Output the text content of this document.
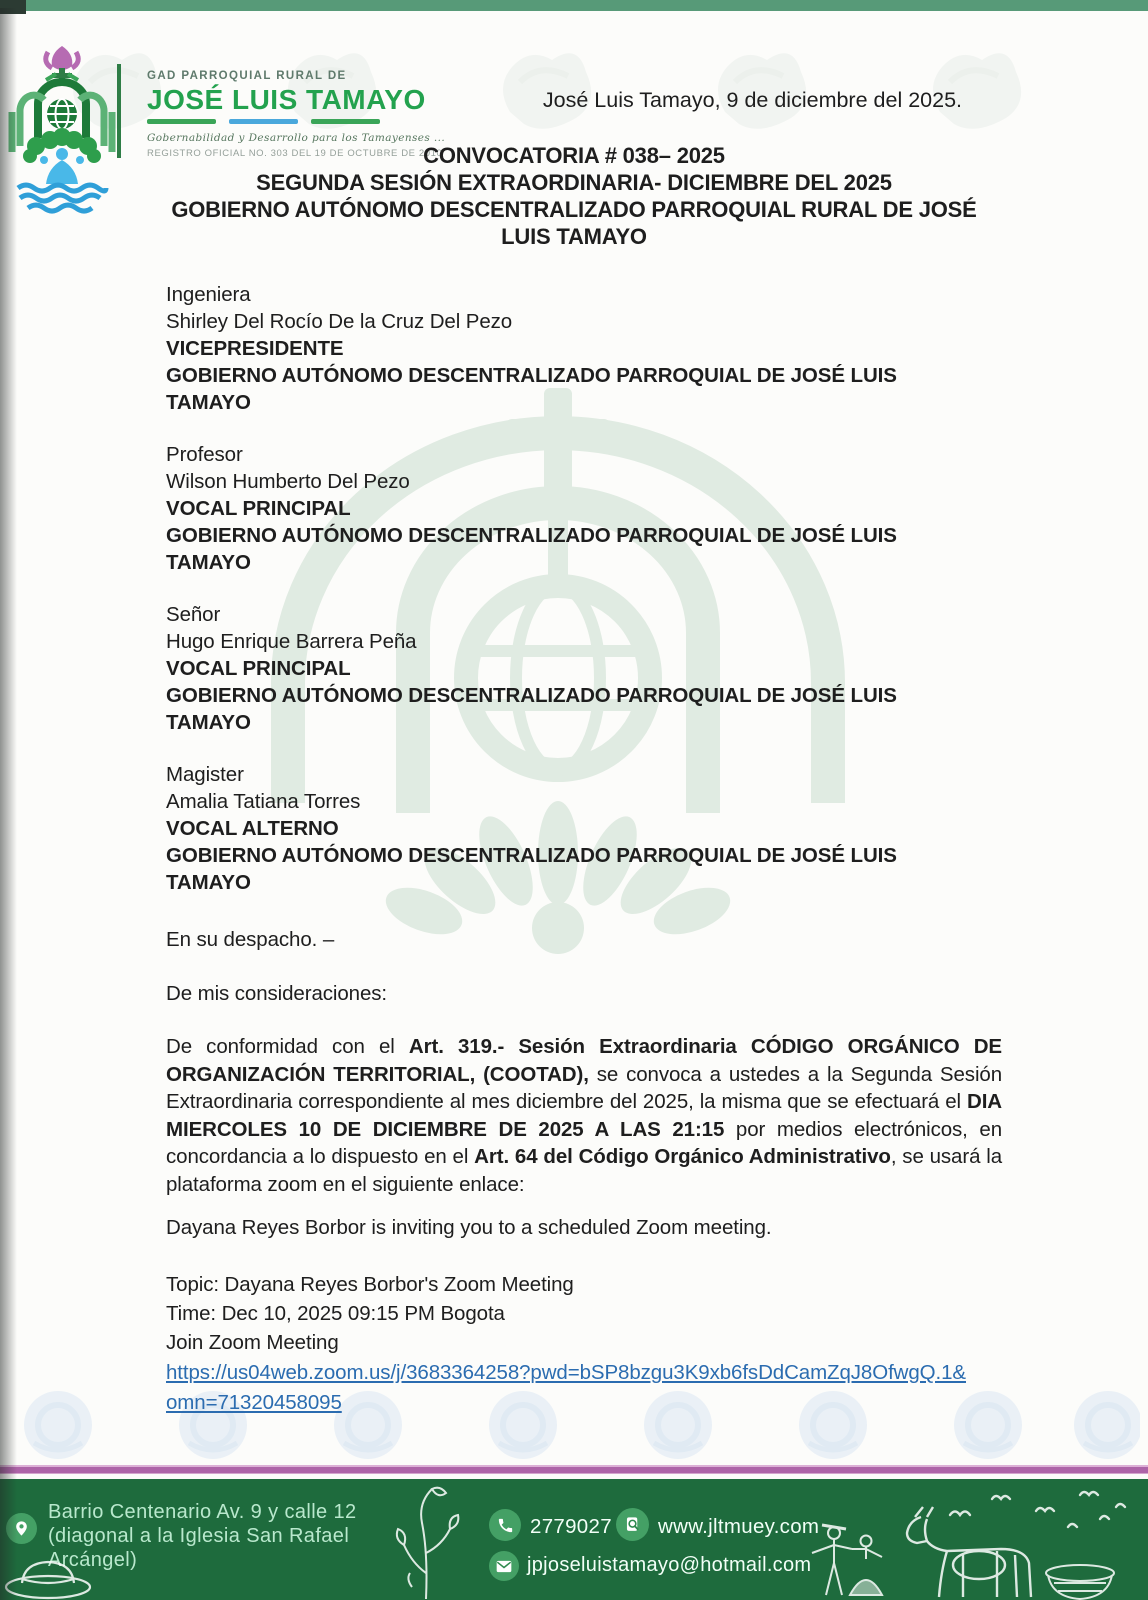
GAD PARROQUIAL RURAL DE
JOSÉ LUIS TAMAYO
Gobernabilidad y Desarrollo para los Tamayenses ...
REGISTRO OFICIAL NO. 303 DEL 19 DE OCTUBRE DE 2010
José Luis Tamayo, 9 de diciembre del 2025.
CONVOCATORIA # 038– 2025
SEGUNDA SESIÓN EXTRAORDINARIA- DICIEMBRE DEL 2025
GOBIERNO AUTÓNOMO DESCENTRALIZADO PARROQUIAL RURAL DE JOSÉ LUIS TAMAYO
Ingeniera
Shirley Del Rocío De la Cruz Del Pezo
VICEPRESIDENTE
GOBIERNO AUTÓNOMO DESCENTRALIZADO PARROQUIAL DE JOSÉ LUIS TAMAYO
Profesor
Wilson Humberto Del Pezo
VOCAL PRINCIPAL
GOBIERNO AUTÓNOMO DESCENTRALIZADO PARROQUIAL DE JOSÉ LUIS TAMAYO
Señor
Hugo Enrique Barrera Peña
VOCAL PRINCIPAL
GOBIERNO AUTÓNOMO DESCENTRALIZADO PARROQUIAL DE JOSÉ LUIS TAMAYO
Magister
Amalia Tatiana Torres
VOCAL ALTERNO
GOBIERNO AUTÓNOMO DESCENTRALIZADO PARROQUIAL DE JOSÉ LUIS TAMAYO
En su despacho. –
De mis consideraciones:
De conformidad con el Art. 319.- Sesión Extraordinaria CÓDIGO ORGÁNICO DE ORGANIZACIÓN TERRITORIAL, (COOTAD), se convoca a ustedes a la Segunda Sesión Extraordinaria correspondiente al mes diciembre del 2025, la misma que se efectuará el DIA MIERCOLES 10 DE DICIEMBRE DE 2025 A LAS 21:15 por medios electrónicos, en concordancia a lo dispuesto en el Art. 64 del Código Orgánico Administrativo, se usará la plataforma zoom en el siguiente enlace:
Dayana Reyes Borbor is inviting you to a scheduled Zoom meeting.
Topic: Dayana Reyes Borbor's Zoom Meeting
Time: Dec 10, 2025 09:15 PM Bogota
Join Zoom Meeting
https://us04web.zoom.us/j/3683364258?pwd=bSP8bzgu3K9xb6fsDdCamZqJ8OfwgQ.1&omn=71320458095
Barrio Centenario Av. 9 y calle 12 (diagonal a la Iglesia San Rafael Arcángel)
2779027 www.jltmuey.com
jpjoseluistamayo@hotmail.com
